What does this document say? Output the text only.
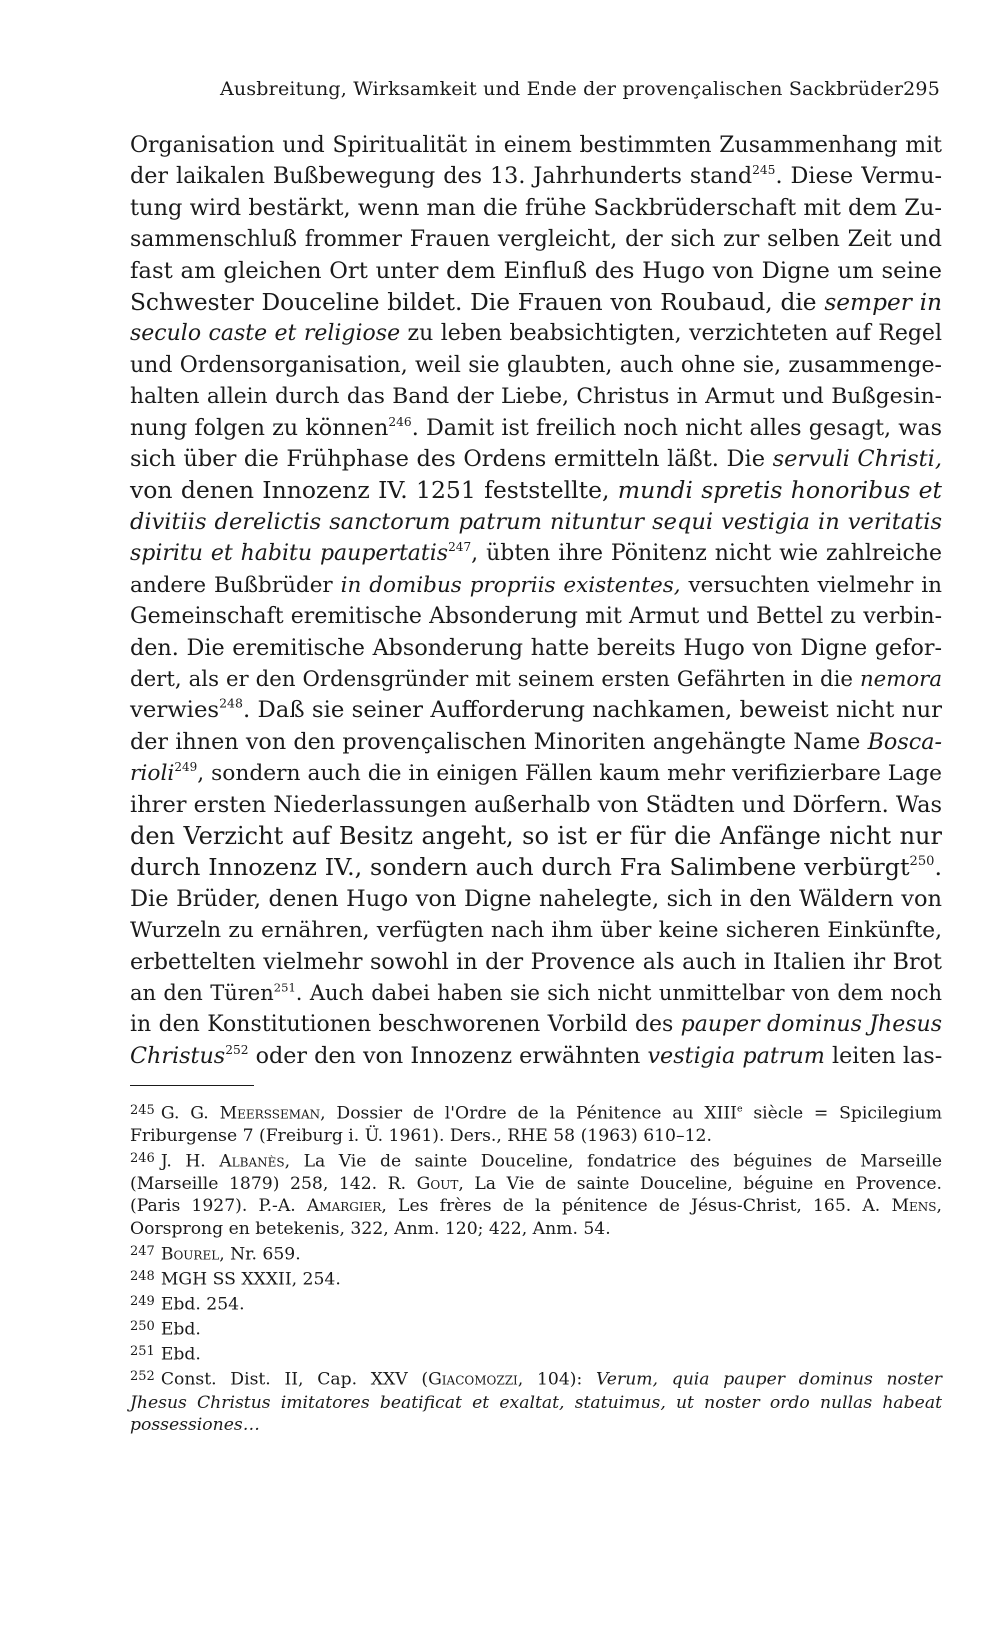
Ausbreitung, Wirksamkeit und Ende der provençalischen Sackbrüder 295
Organisation und Spiritualität in einem bestimmten Zusammenhang mit
der laikalen Bußbewegung des 13. Jahrhunderts stand$^{245}$. Diese Vermu-
tung wird bestärkt, wenn man die frühe Sackbrüderschaft mit dem Zu-
sammenschluß frommer Frauen vergleicht, der sich zur selben Zeit und
fast am gleichen Ort unter dem Einfluß des Hugo von Digne um seine
Schwester Douceline bildet. Die Frauen von Roubaud, die semper in
seculo caste et religiose zu leben beabsichtigten, verzichteten auf Regel
und Ordensorganisation, weil sie glaubten, auch ohne sie, zusammenge-
halten allein durch das Band der Liebe, Christus in Armut und Bußgesin-
nung folgen zu können$^{246}$. Damit ist freilich noch nicht alles gesagt, was
sich über die Frühphase des Ordens ermitteln läßt. Die servuli Christi,
von denen Innozenz IV. 1251 feststellte, mundi spretis honoribus et
divitiis derelictis sanctorum patrum nituntur sequi vestigia in veritatis
spiritu et habitu paupertatis$^{247}$, übten ihre Pönitenz nicht wie zahlreiche
andere Bußbrüder in domibus propriis existentes, versuchten vielmehr in
Gemeinschaft eremitische Absonderung mit Armut und Bettel zu verbin-
den. Die eremitische Absonderung hatte bereits Hugo von Digne gefor-
dert, als er den Ordensgründer mit seinem ersten Gefährten in die nemora
verwies$^{248}$. Daß sie seiner Aufforderung nachkamen, beweist nicht nur
der ihnen von den provençalischen Minoriten angehängte Name Bosca-
rioli$^{249}$, sondern auch die in einigen Fällen kaum mehr verifizierbare Lage
ihrer ersten Niederlassungen außerhalb von Städten und Dörfern. Was
den Verzicht auf Besitz angeht, so ist er für die Anfänge nicht nur
durch Innozenz IV., sondern auch durch Fra Salimbene verbürgt$^{250}$.
Die Brüder, denen Hugo von Digne nahelegte, sich in den Wäldern von
Wurzeln zu ernähren, verfügten nach ihm über keine sicheren Einkünfte,
erbettelten vielmehr sowohl in der Provence als auch in Italien ihr Brot
an den Türen$^{251}$. Auch dabei haben sie sich nicht unmittelbar von dem noch
in den Konstitutionen beschworenen Vorbild des pauper dominus Jhesus
Christus$^{252}$ oder den von Innozenz erwähnten vestigia patrum leiten las-
$^{245}$ G. G. Meersseman, Dossier de l'Ordre de la Pénitence au XIIIe siècle = Spicilegium
Friburgense 7 (Freiburg i. Ü. 1961). Ders., RHE 58 (1963) 610–12.
$^{246}$ J. H. Albanès, La Vie de sainte Douceline, fondatrice des béguines de Marseille
(Marseille 1879) 258, 142. R. Gout, La Vie de sainte Douceline, béguine en Provence.
(Paris 1927). P.-A. Amargier, Les frères de la pénitence de Jésus-Christ, 165. A. Mens,
Oorsprong en betekenis, 322, Anm. 120; 422, Anm. 54.
$^{247}$ Bourel, Nr. 659.
$^{248}$ MGH SS XXXII, 254.
$^{249}$ Ebd. 254.
$^{250}$ Ebd.
$^{251}$ Ebd.
$^{252}$ Const. Dist. II, Cap. XXV (Giacomozzi, 104): Verum, quia pauper dominus noster
Jhesus Christus imitatores beatificat et exaltat, statuimus, ut noster ordo nullas habeat
possessiones…
